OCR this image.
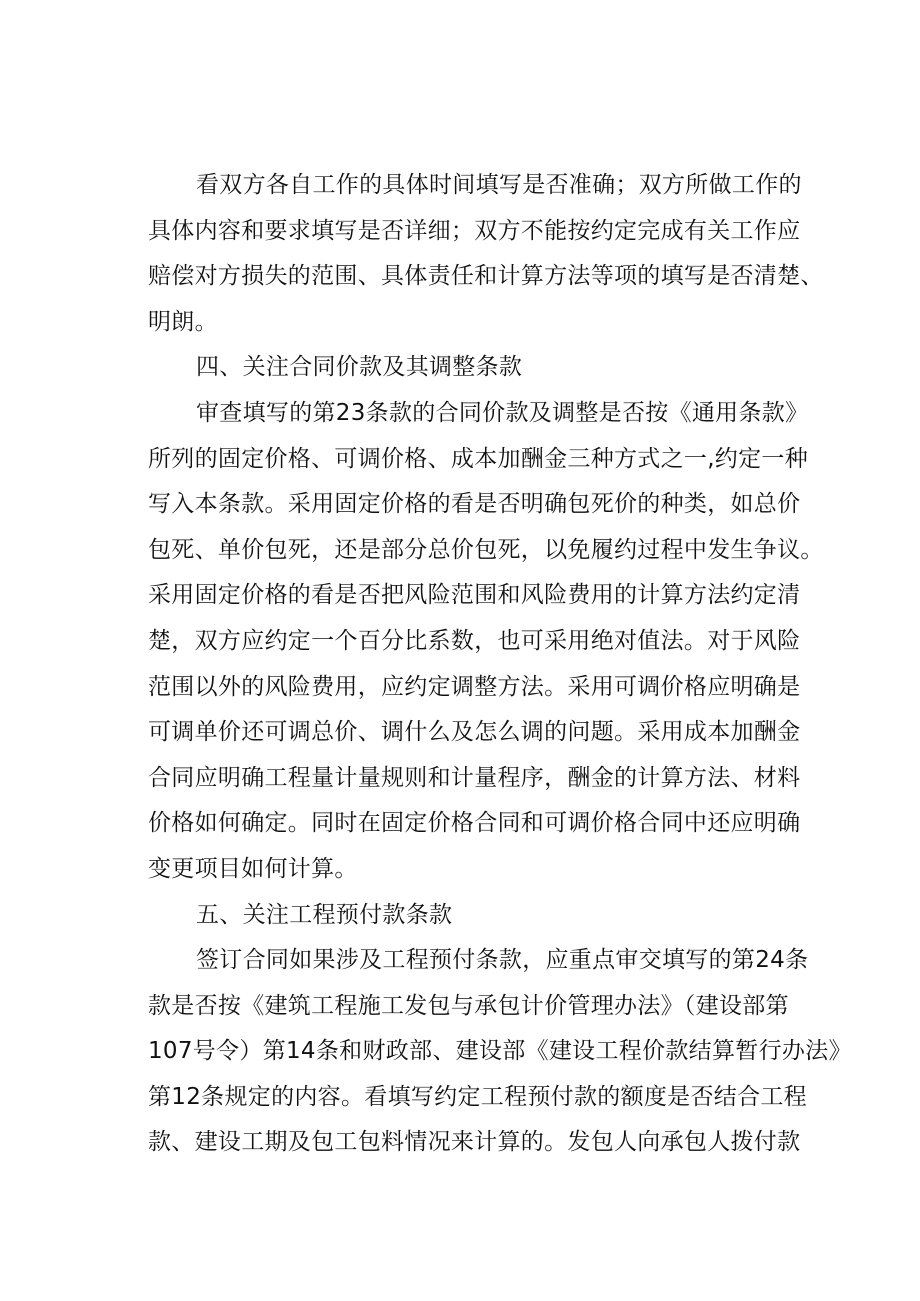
看双方各自工作的具体时间填写是否准确；双方所做工作的
具体内容和要求填写是否详细；双方不能按约定完成有关工作应
赔偿对方损失的范围、具体责任和计算方法等项的填写是否清楚、
明朗。
四、关注合同价款及其调整条款
审查填写的第23条款的合同价款及调整是否按《通用条款》
所列的固定价格、可调价格、成本加酬金三种方式之一,约定一种
写入本条款。采用固定价格的看是否明确包死价的种类，如总价
包死、单价包死，还是部分总价包死，以免履约过程中发生争议。
采用固定价格的看是否把风险范围和风险费用的计算方法约定清
楚，双方应约定一个百分比系数，也可采用绝对值法。对于风险
范围以外的风险费用，应约定调整方法。采用可调价格应明确是
可调单价还可调总价、调什么及怎么调的问题。采用成本加酬金
合同应明确工程量计量规则和计量程序，酬金的计算方法、材料
价格如何确定。同时在固定价格合同和可调价格合同中还应明确
变更项目如何计算。
五、关注工程预付款条款
签订合同如果涉及工程预付条款，应重点审交填写的第24条
款是否按《建筑工程施工发包与承包计价管理办法》（建设部第
107号令）第14条和财政部、建设部《建设工程价款结算暂行办法》
第12条规定的内容。看填写约定工程预付款的额度是否结合工程
款、建设工期及包工包料情况来计算的。发包人向承包人拨付款
